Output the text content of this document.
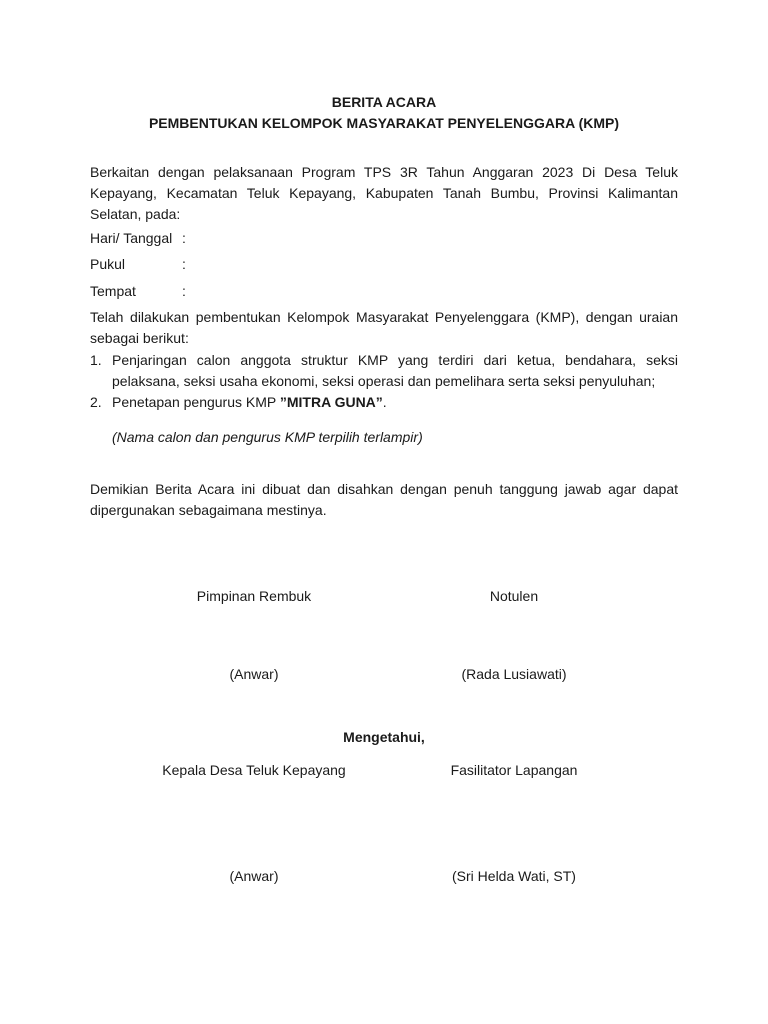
BERITA ACARA
PEMBENTUKAN KELOMPOK MASYARAKAT PENYELENGGARA (KMP)
Berkaitan dengan pelaksanaan Program TPS 3R Tahun Anggaran 2023 Di Desa Teluk Kepayang, Kecamatan Teluk Kepayang, Kabupaten Tanah Bumbu, Provinsi Kalimantan Selatan, pada:
Hari/ Tanggal :
Pukul	:
Tempat	:
Telah dilakukan pembentukan Kelompok Masyarakat Penyelenggara (KMP), dengan uraian sebagai berikut:
1. Penjaringan calon anggota struktur KMP yang terdiri dari ketua, bendahara, seksi pelaksana, seksi usaha ekonomi, seksi operasi dan pemelihara serta seksi penyuluhan;
2. Penetapan pengurus KMP ”MITRA GUNA”.
(Nama calon dan pengurus KMP terpilih terlampir)
Demikian Berita Acara ini dibuat dan disahkan dengan penuh tanggung jawab agar dapat dipergunakan sebagaimana mestinya.
Pimpinan Rembuk	Notulen
(Anwar)	(Rada Lusiawati)
Mengetahui,
Kepala Desa Teluk Kepayang	Fasilitator Lapangan
(Anwar)	(Sri Helda Wati, ST)
